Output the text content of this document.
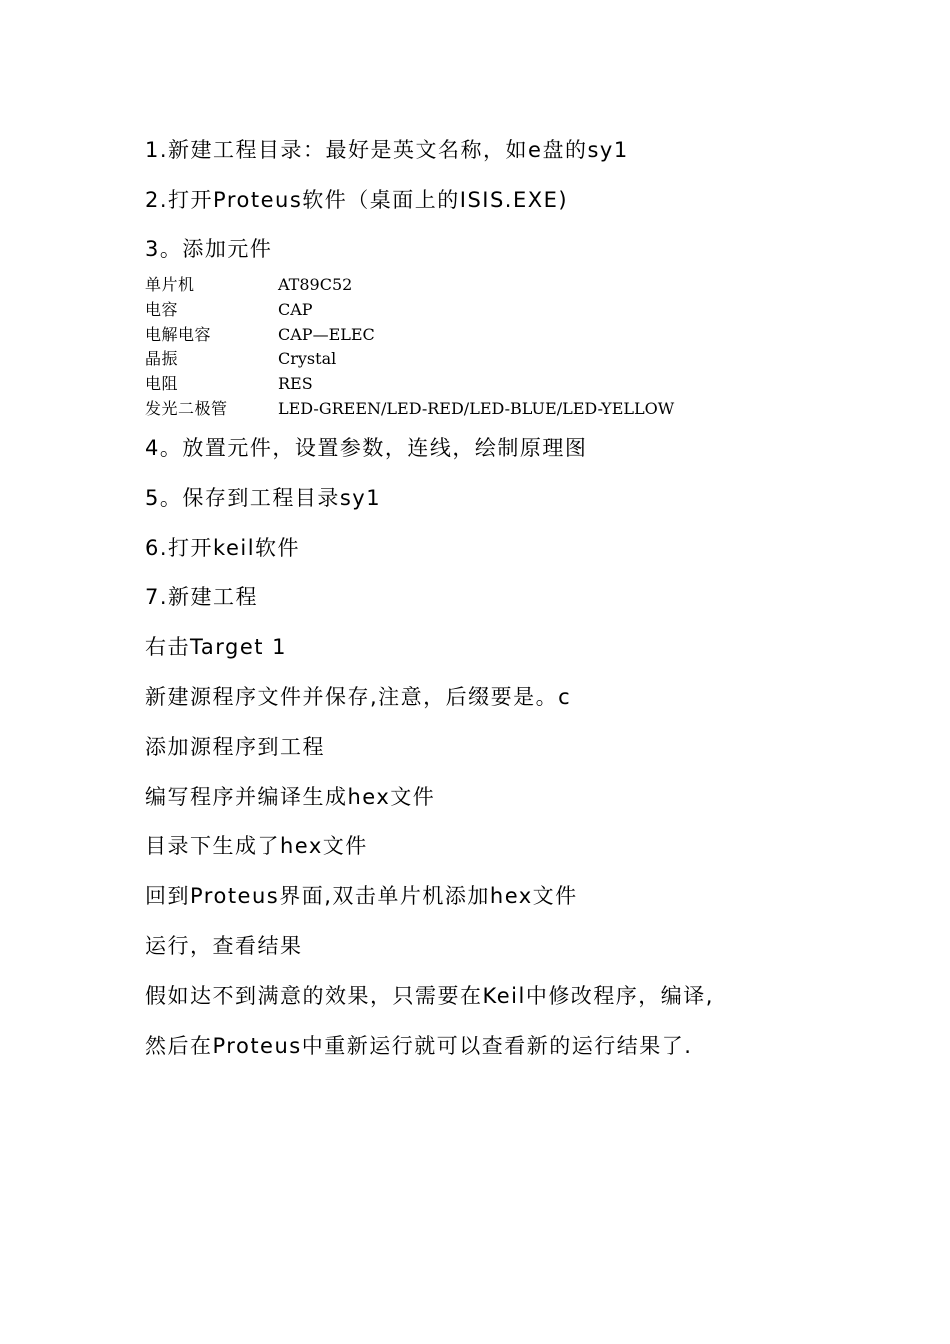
1.新建工程目录：最好是英文名称，如e盘的sy1
2.打开Proteus软件（桌面上的ISIS.EXE)
3。添加元件
单片机	AT89C52
电容	CAP
电解电容	CAP—ELEC
晶振	Crystal
电阻	RES
发光二极管	LED-GREEN/LED-RED/LED-BLUE/LED-YELLOW
4。放置元件，设置参数，连线，绘制原理图
5。保存到工程目录sy1
6.打开keil软件
7.新建工程
右击Target 1
新建源程序文件并保存,注意，后缀要是。c
添加源程序到工程
编写程序并编译生成hex文件
目录下生成了hex文件
回到Proteus界面,双击单片机添加hex文件
运行，查看结果
假如达不到满意的效果，只需要在Keil中修改程序，编译,
然后在Proteus中重新运行就可以查看新的运行结果了.
